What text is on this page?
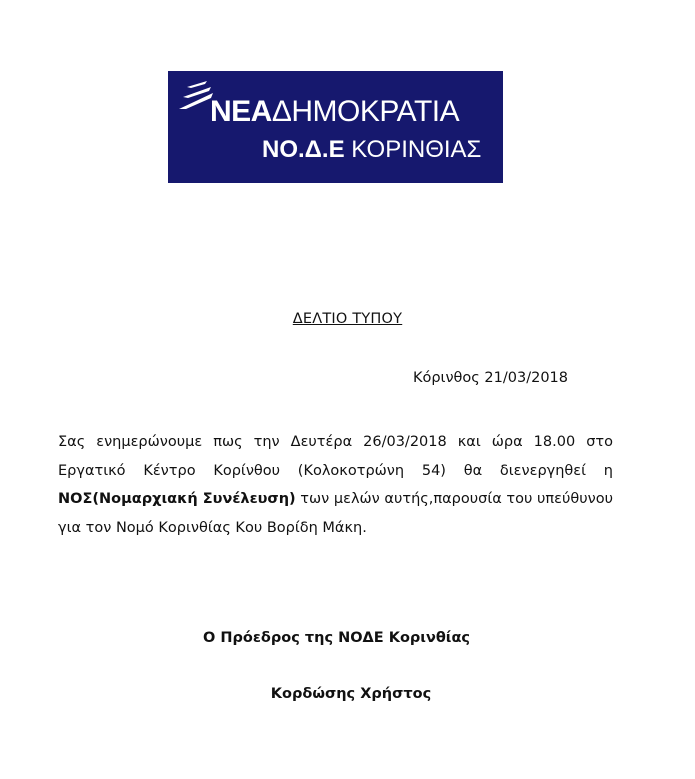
ΝΕΑΔΗΜΟΚΡΑΤΙΑ
ΝΟ.Δ.Ε ΚΟΡΙΝΘΙΑΣ
ΔΕΛΤΙΟ ΤΥΠΟΥ
Κόρινθος 21/03/2018
Σας ενημερώνουμε πως την Δευτέρα 26/03/2018 και ώρα 18.00 στο Εργατικό Κέντρο Κορίνθου (Κολοκοτρώνη 54) θα διενεργηθεί η ΝΟΣ(Νομαρχιακή Συνέλευση) των μελών αυτής,παρουσία του υπεύθυνου για τον Νομό Κορινθίας Κου Βορίδη Μάκη.
Ο Πρόεδρος της ΝΟΔΕ Κορινθίας
Κορδώσης Χρήστος
